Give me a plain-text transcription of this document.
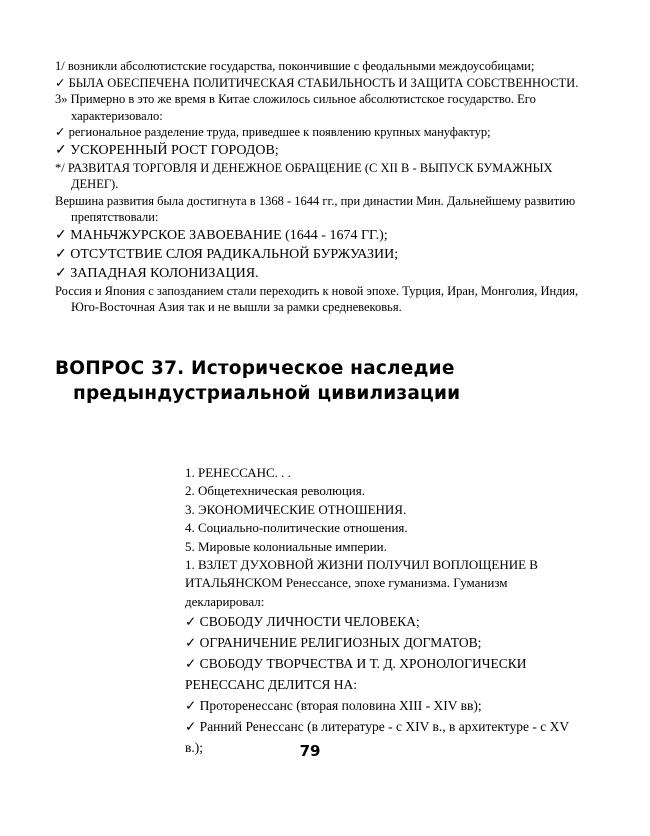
1/ возникли абсолютистские государства, покончившие с феодальными междоусобицами;

✓ БЫЛА ОБЕСПЕЧЕНА ПОЛИТИЧЕСКАЯ СТАБИЛЬНОСТЬ И ЗАЩИТА СОБСТВЕННОСТИ.

3» Примерно в это же время в Китае сложилось сильное абсолютистское государство. Его характеризовало:

✓ региональное разделение труда, приведшее к появлению крупных мануфактур;

✓ УСКОРЕННЫЙ РОСТ ГОРОДОВ;

*/ РАЗВИТАЯ ТОРГОВЛЯ И ДЕНЕЖНОЕ ОБРАЩЕНИЕ (С XII В - ВЫПУСК БУМАЖНЫХ ДЕНЕГ).

Вершина развития была достигнута в 1368 - 1644 гг., при династии Мин. Дальнейшему развитию препятствовали:

✓ МАНЬЧЖУРСКОЕ ЗАВОЕВАНИЕ (1644 - 1674 ГГ.);

✓ ОТСУТСТВИЕ СЛОЯ РАДИКАЛЬНОЙ БУРЖУАЗИИ;

✓ ЗАПАДНАЯ КОЛОНИЗАЦИЯ.

Россия и Япония с запозданием стали переходить к новой эпохе. Турция, Иран, Монголия, Индия, Юго-Восточная Азия так и не вышли за рамки средневековья.

ВОПРОС 37. Историческое наследие
предындустриальной цивилизации

1. РЕНЕССАНС. . .

2. Общетехническая революция.

3. ЭКОНОМИЧЕСКИЕ ОТНОШЕНИЯ.

4. Социально-политические отношения.

5. Мировые колониальные империи.

1. ВЗЛЕТ ДУХОВНОЙ ЖИЗНИ ПОЛУЧИЛ ВОПЛОЩЕНИЕ В ИТАЛЬЯНСКОМ Ренессансе, эпохе гуманизма. Гуманизм декларировал:

✓ СВОБОДУ ЛИЧНОСТИ ЧЕЛОВЕКА;

✓ ОГРАНИЧЕНИЕ РЕЛИГИОЗНЫХ ДОГМАТОВ;

✓ СВОБОДУ ТВОРЧЕСТВА И Т. Д. ХРОНОЛОГИЧЕСКИ РЕНЕССАНС ДЕЛИТСЯ НА:

✓ Проторенессанс (вторая половина XIII - XIV вв);

✓ Ранний Ренессанс (в литературе - с XIV в., в архитектуре - с XV в.);	79
